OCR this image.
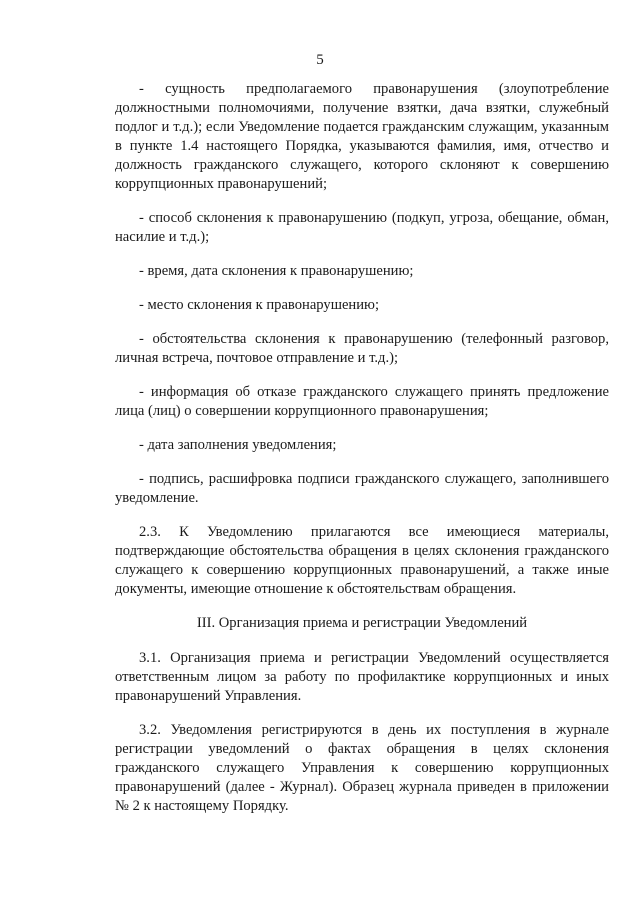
5

- сущность предполагаемого правонарушения (злоупотребление должностными полномочиями, получение взятки, дача взятки, служебный подлог и т.д.); если Уведомление подается гражданским служащим, указанным в пункте 1.4 настоящего Порядка, указываются фамилия, имя, отчество и должность гражданского служащего, которого склоняют к совершению коррупционных правонарушений;

- способ склонения к правонарушению (подкуп, угроза, обещание, обман, насилие и т.д.);

- время, дата склонения к правонарушению;

- место склонения к правонарушению;

- обстоятельства склонения к правонарушению (телефонный разговор, личная встреча, почтовое отправление и т.д.);

- информация об отказе гражданского служащего принять предложение лица (лиц) о совершении коррупционного правонарушения;

- дата заполнения уведомления;

- подпись, расшифровка подписи гражданского служащего, заполнившего уведомление.

2.3. К Уведомлению прилагаются все имеющиеся материалы, подтверждающие обстоятельства обращения в целях склонения гражданского служащего к совершению коррупционных правонарушений, а также иные документы, имеющие отношение к обстоятельствам обращения.

III. Организация приема и регистрации Уведомлений

3.1. Организация приема и регистрации Уведомлений осуществляется ответственным лицом за работу по профилактике коррупционных и иных правонарушений Управления.

3.2. Уведомления регистрируются в день их поступления в журнале регистрации уведомлений о фактах обращения в целях склонения гражданского служащего Управления к совершению коррупционных правонарушений (далее - Журнал). Образец журнала приведен в приложении № 2 к настоящему Порядку.
